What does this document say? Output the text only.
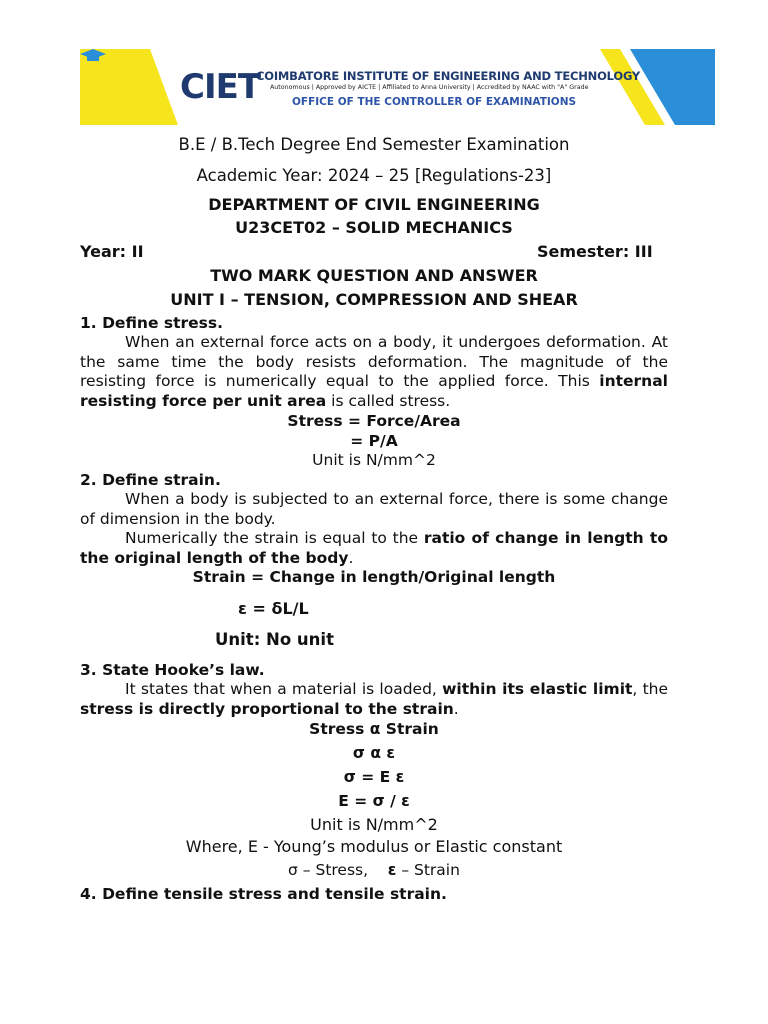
CIET
COIMBATORE INSTITUTE OF ENGINEERING AND TECHNOLOGY
Autonomous | Approved by AICTE | Affiliated to Anna University | Accredited by NAAC with "A" Grade
OFFICE OF THE CONTROLLER OF EXAMINATIONS
B.E / B.Tech Degree End Semester Examination
Academic Year: 2024 – 25 [Regulations-23]
DEPARTMENT OF CIVIL ENGINEERING
U23CET02 – SOLID MECHANICS
Year: II	Semester: III
TWO MARK QUESTION AND ANSWER
UNIT I – TENSION, COMPRESSION AND SHEAR
1. Define stress.
When an external force acts on a body, it undergoes deformation. At the same time the body resists deformation. The magnitude of the resisting force is numerically equal to the applied force. This internal resisting force per unit area is called stress.
Stress = Force/Area
= P/A
Unit is N/mm^2
2. Define strain.
When a body is subjected to an external force, there is some change of dimension in the body.
Numerically the strain is equal to the ratio of change in length to the original length of the body.
Strain = Change in length/Original length
ε = δL/L
Unit: No unit
3. State Hooke’s law.
It states that when a material is loaded, within its elastic limit, the stress is directly proportional to the strain.
Stress α Strain
σ α ε
σ = E ε
E = σ / ε
Unit is N/mm^2
Where, E - Young’s modulus or Elastic constant
σ – Stress, ε – Strain
4. Define tensile stress and tensile strain.
